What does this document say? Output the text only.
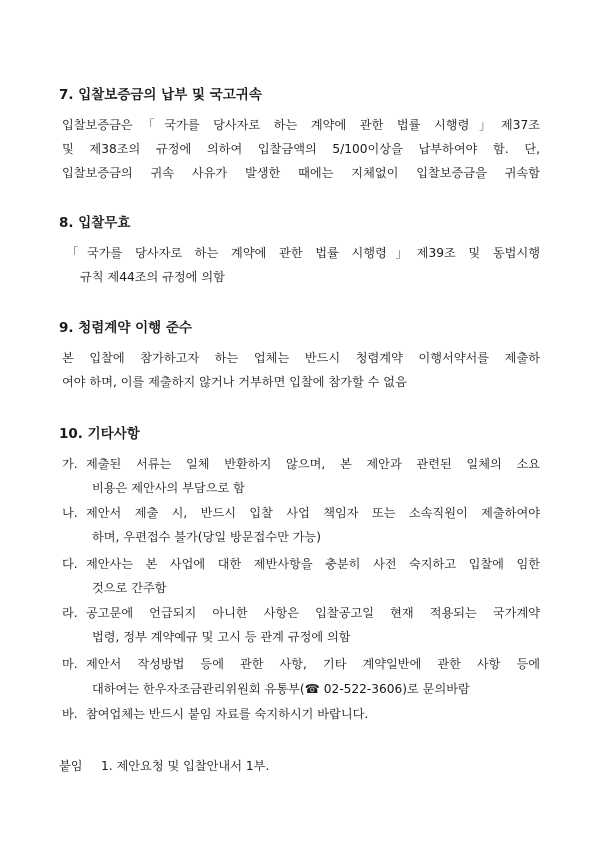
7. 입찰보증금의 납부 및 국고귀속
입찰보증금은「국가를 당사자로 하는 계약에 관한 법률 시행령」제37조
및 제38조의 규정에 의하여 입찰금액의 5/100이상을 납부하여야 함. 단,
입찰보증금의 귀속 사유가 발생한 때에는 지체없이 입찰보증금을 귀속함
8. 입찰무효
「국가를 당사자로 하는 계약에 관한 법률 시행령」제39조 및 동법시행
규칙 제44조의 규정에 의함
9. 청렴계약 이행 준수
본 입찰에 참가하고자 하는 업체는 반드시 청렴계약 이행서약서를 제출하
여야 하며, 이를 제출하지 않거나 거부하면 입찰에 참가할 수 없음
10. 기타사항
가. 제출된 서류는 일체 반환하지 않으며, 본 제안과 관련된 일체의 소요
비용은 제안사의 부담으로 함
나. 제안서 제출 시, 반드시 입찰 사업 책임자 또는 소속직원이 제출하여야
하며, 우편접수 불가(당일 방문접수만 가능)
다. 제안사는 본 사업에 대한 제반사항을 충분히 사전 숙지하고 입찰에 임한
것으로 간주함
라. 공고문에 언급되지 아니한 사항은 입찰공고일 현재 적용되는 국가계약
법령, 정부 계약예규 및 고시 등 관계 규정에 의함
마. 제안서 작성방법 등에 관한 사항, 기타 계약일반에 관한 사항 등에
대하여는 한우자조금관리위원회 유통부(☎ 02-522-3606)로 문의바람
바. 참여업체는 반드시 붙임 자료를 숙지하시기 바랍니다.
붙임 1. 제안요청 및 입찰안내서 1부.
